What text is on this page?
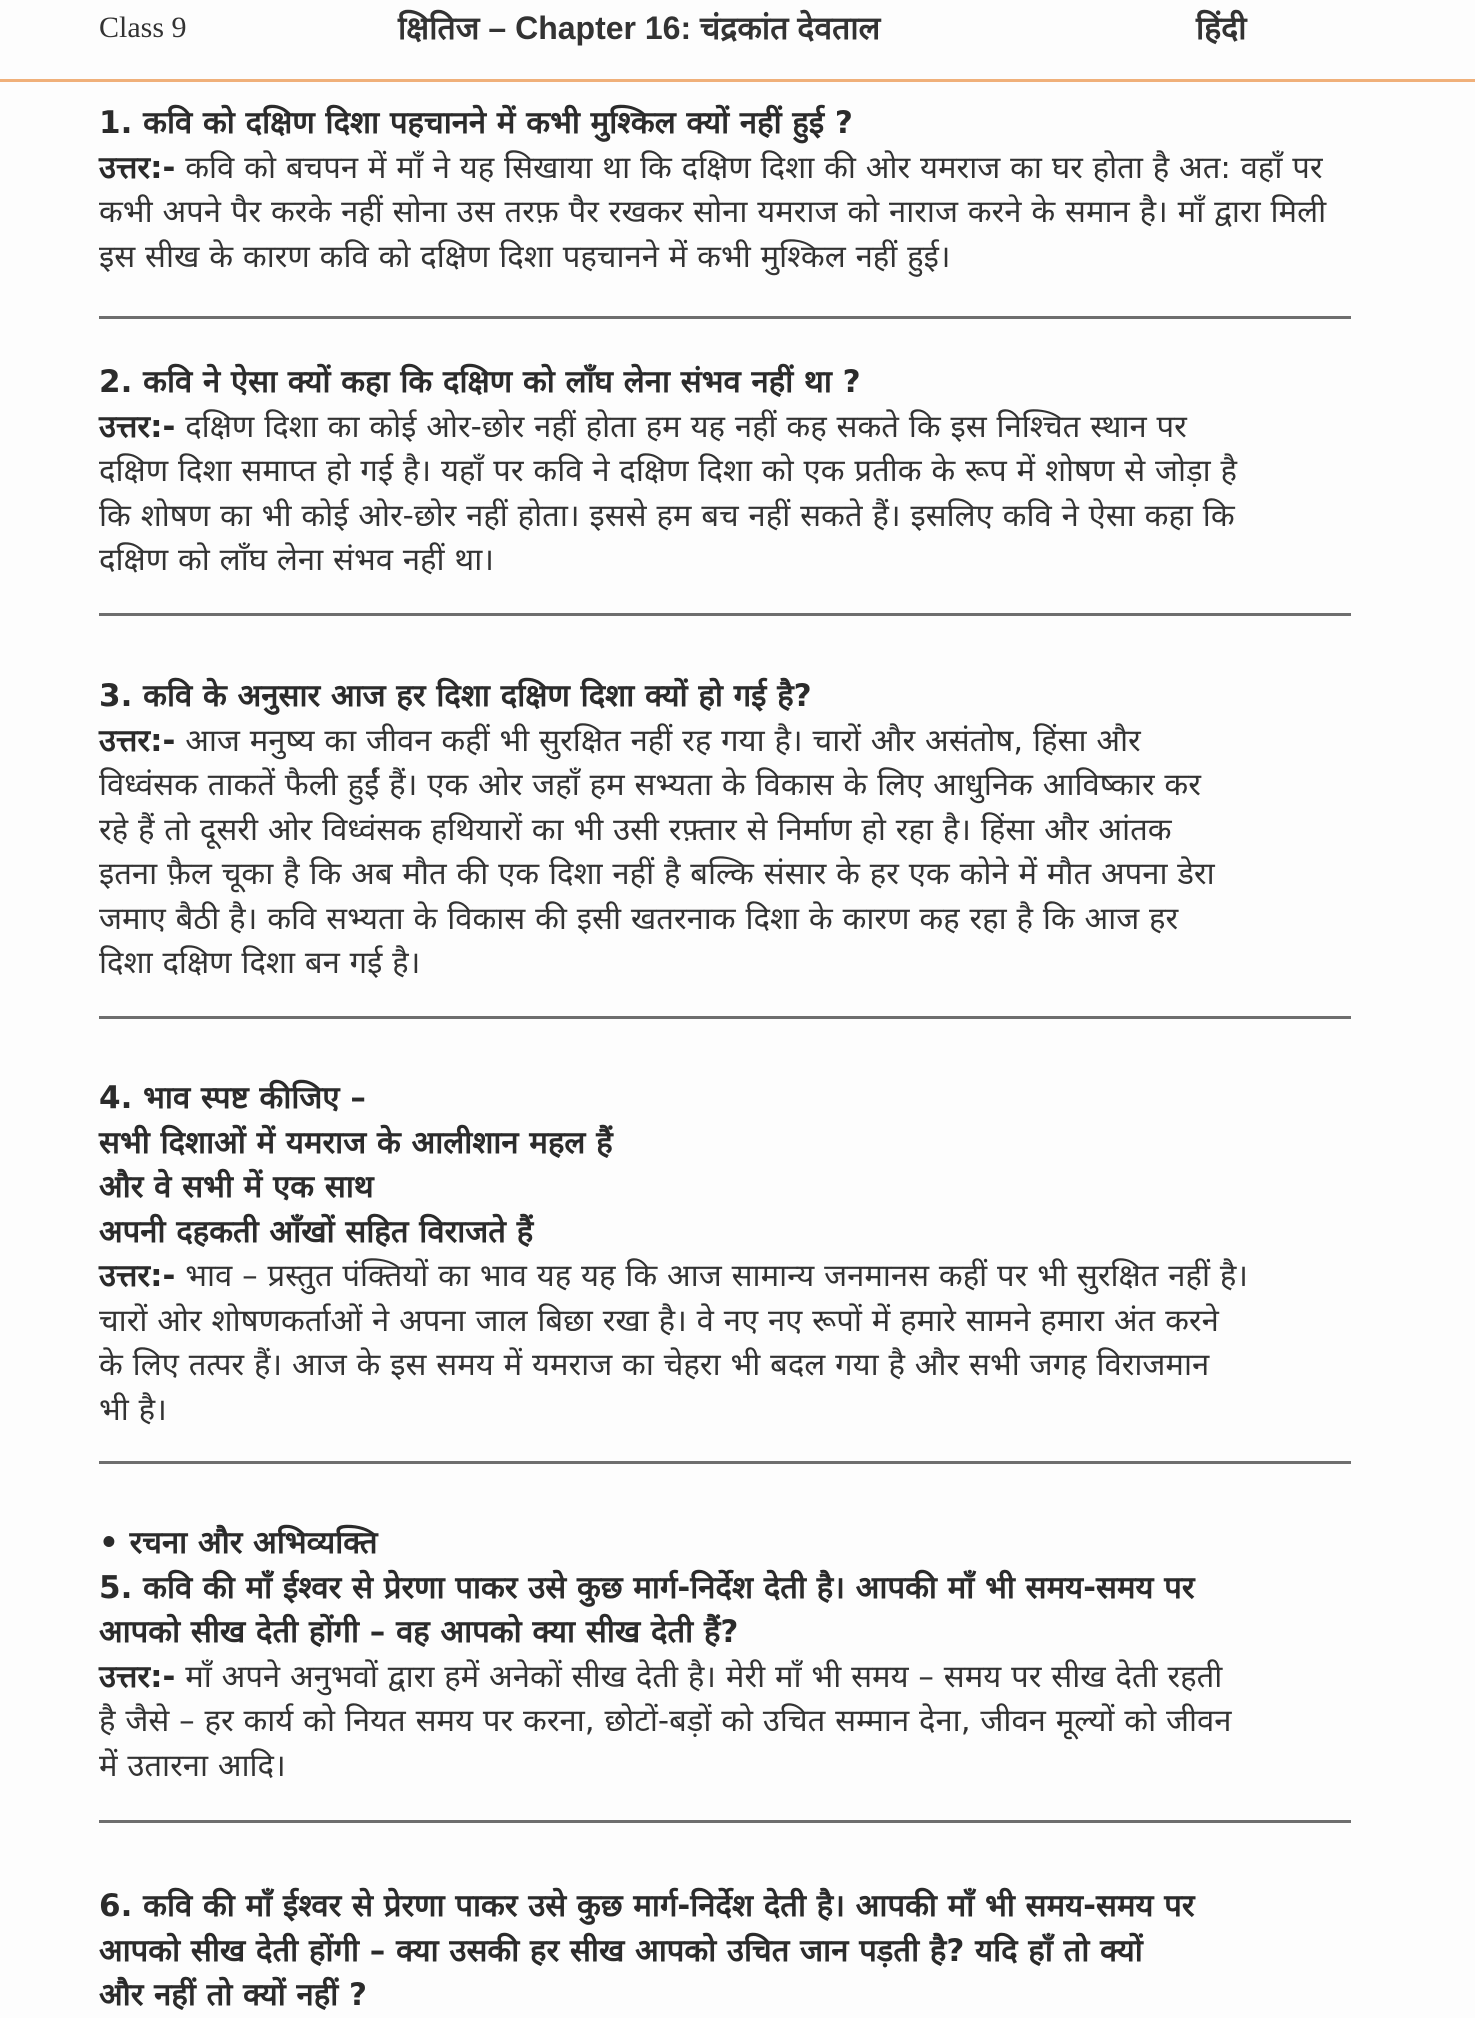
Class 9	क्षितिज – Chapter 16: चंद्रकांत देवताल	हिंदी
1. कवि को दक्षिण दिशा पहचानने में कभी मुश्किल क्यों नहीं हुई ?
उत्तर:- कवि को बचपन में माँ ने यह सिखाया था कि दक्षिण दिशा की ओर यमराज का घर होता है अत: वहाँ पर
कभी अपने पैर करके नहीं सोना उस तरफ़ पैर रखकर सोना यमराज को नाराज करने के समान है। माँ द्वारा मिली
इस सीख के कारण कवि को दक्षिण दिशा पहचानने में कभी मुश्किल नहीं हुई।
2. कवि ने ऐसा क्यों कहा कि दक्षिण को लाँघ लेना संभव नहीं था ?
उत्तर:- दक्षिण दिशा का कोई ओर-छोर नहीं होता हम यह नहीं कह सकते कि इस निश्चित स्थान पर
दक्षिण दिशा समाप्त हो गई है। यहाँ पर कवि ने दक्षिण दिशा को एक प्रतीक के रूप में शोषण से जोड़ा है
कि शोषण का भी कोई ओर-छोर नहीं होता। इससे हम बच नहीं सकते हैं। इसलिए कवि ने ऐसा कहा कि
दक्षिण को लाँघ लेना संभव नहीं था।
3. कवि के अनुसार आज हर दिशा दक्षिण दिशा क्यों हो गई है?
उत्तर:- आज मनुष्य का जीवन कहीं भी सुरक्षित नहीं रह गया है। चारों और असंतोष, हिंसा और
विध्वंसक ताकतें फैली हुईं हैं। एक ओर जहाँ हम सभ्यता के विकास के लिए आधुनिक आविष्कार कर
रहे हैं तो दूसरी ओर विध्वंसक हथियारों का भी उसी रफ़्तार से निर्माण हो रहा है। हिंसा और आंतक
इतना फ़ैल चूका है कि अब मौत की एक दिशा नहीं है बल्कि संसार के हर एक कोने में मौत अपना डेरा
जमाए बैठी है। कवि सभ्यता के विकास की इसी खतरनाक दिशा के कारण कह रहा है कि आज हर
दिशा दक्षिण दिशा बन गई है।
4. भाव स्पष्ट कीजिए –
सभी दिशाओं में यमराज के आलीशान महल हैं
और वे सभी में एक साथ
अपनी दहकती आँखों सहित विराजते हैं
उत्तर:- भाव – प्रस्तुत पंक्तियों का भाव यह यह कि आज सामान्य जनमानस कहीं पर भी सुरक्षित नहीं है।
चारों ओर शोषणकर्ताओं ने अपना जाल बिछा रखा है। वे नए नए रूपों में हमारे सामने हमारा अंत करने
के लिए तत्पर हैं। आज के इस समय में यमराज का चेहरा भी बदल गया है और सभी जगह विराजमान
भी है।
• रचना और अभिव्यक्ति
5. कवि की माँ ईश्वर से प्रेरणा पाकर उसे कुछ मार्ग-निर्देश देती है। आपकी माँ भी समय-समय पर
आपको सीख देती होंगी – वह आपको क्या सीख देती हैं?
उत्तर:- माँ अपने अनुभवों द्वारा हमें अनेकों सीख देती है। मेरी माँ भी समय – समय पर सीख देती रहती
है जैसे – हर कार्य को नियत समय पर करना, छोटों-बड़ों को उचित सम्मान देना, जीवन मूल्यों को जीवन
में उतारना आदि।
6. कवि की माँ ईश्वर से प्रेरणा पाकर उसे कुछ मार्ग-निर्देश देती है। आपकी माँ भी समय-समय पर
आपको सीख देती होंगी – क्या उसकी हर सीख आपको उचित जान पड़ती है? यदि हाँ तो क्यों
और नहीं तो क्यों नहीं ?
